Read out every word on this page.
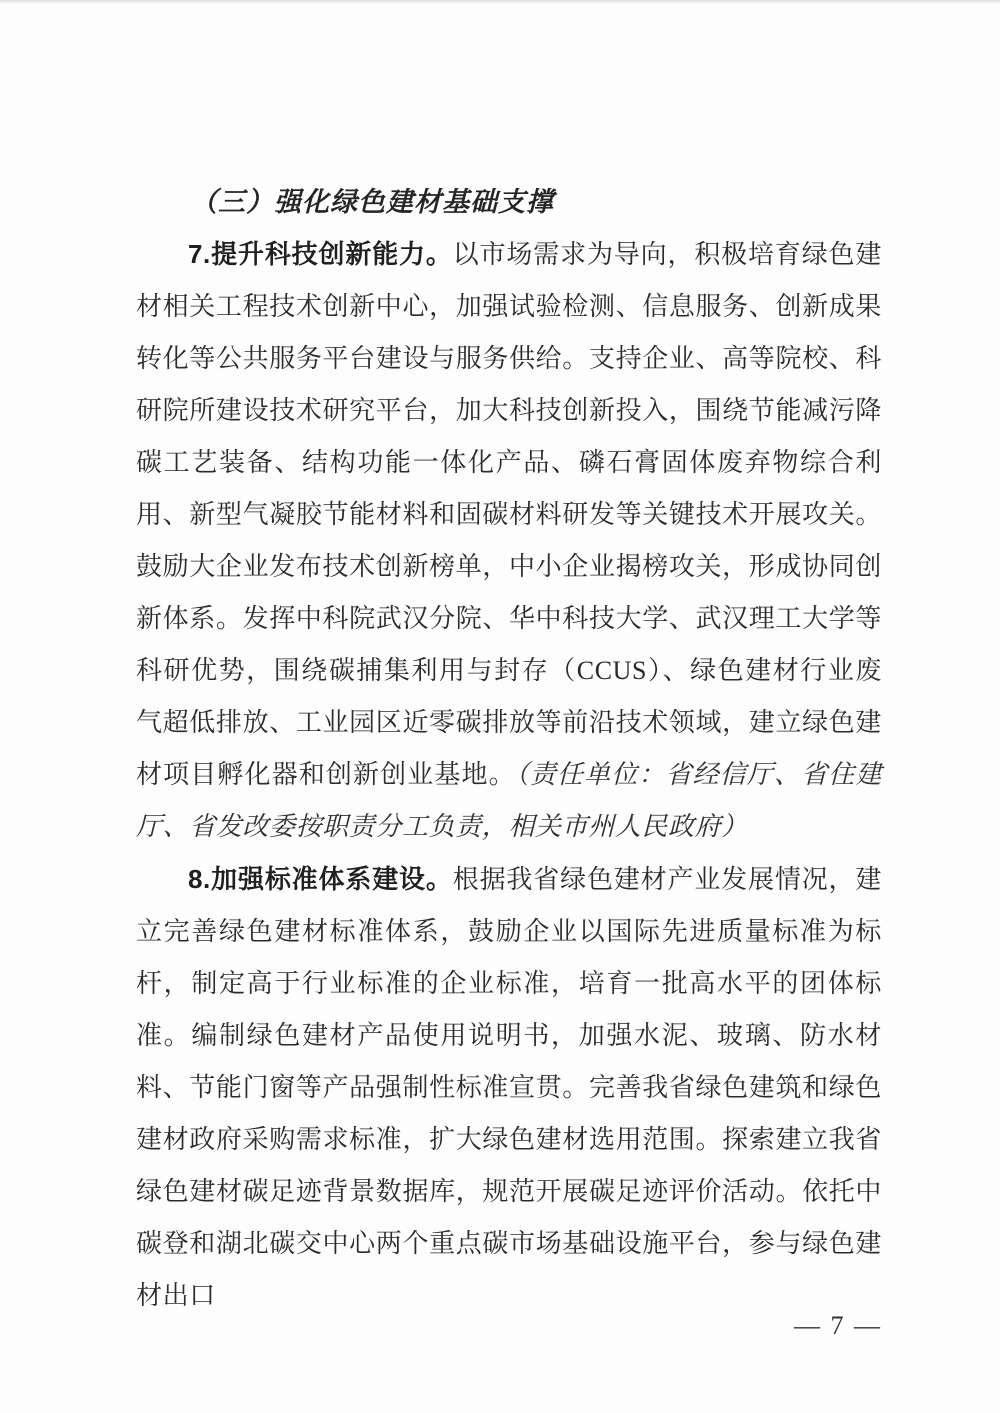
（三）强化绿色建材基础支撑

7.提升科技创新能力。以市场需求为导向，积极培育绿色建材相关工程技术创新中心，加强试验检测、信息服务、创新成果转化等公共服务平台建设与服务供给。支持企业、高等院校、科研院所建设技术研究平台，加大科技创新投入，围绕节能减污降碳工艺装备、结构功能一体化产品、磷石膏固体废弃物综合利用、新型气凝胶节能材料和固碳材料研发等关键技术开展攻关。鼓励大企业发布技术创新榜单，中小企业揭榜攻关，形成协同创新体系。发挥中科院武汉分院、华中科技大学、武汉理工大学等科研优势，围绕碳捕集利用与封存（CCUS）、绿色建材行业废气超低排放、工业园区近零碳排放等前沿技术领域，建立绿色建材项目孵化器和创新创业基地。（责任单位：省经信厅、省住建厅、省发改委按职责分工负责，相关市州人民政府）

8.加强标准体系建设。根据我省绿色建材产业发展情况，建立完善绿色建材标准体系，鼓励企业以国际先进质量标准为标杆，制定高于行业标准的企业标准，培育一批高水平的团体标准。编制绿色建材产品使用说明书，加强水泥、玻璃、防水材料、节能门窗等产品强制性标准宣贯。完善我省绿色建筑和绿色建材政府采购需求标准，扩大绿色建材选用范围。探索建立我省绿色建材碳足迹背景数据库，规范开展碳足迹评价活动。依托中碳登和湖北碳交中心两个重点碳市场基础设施平台，参与绿色建材出口

— 7 —
